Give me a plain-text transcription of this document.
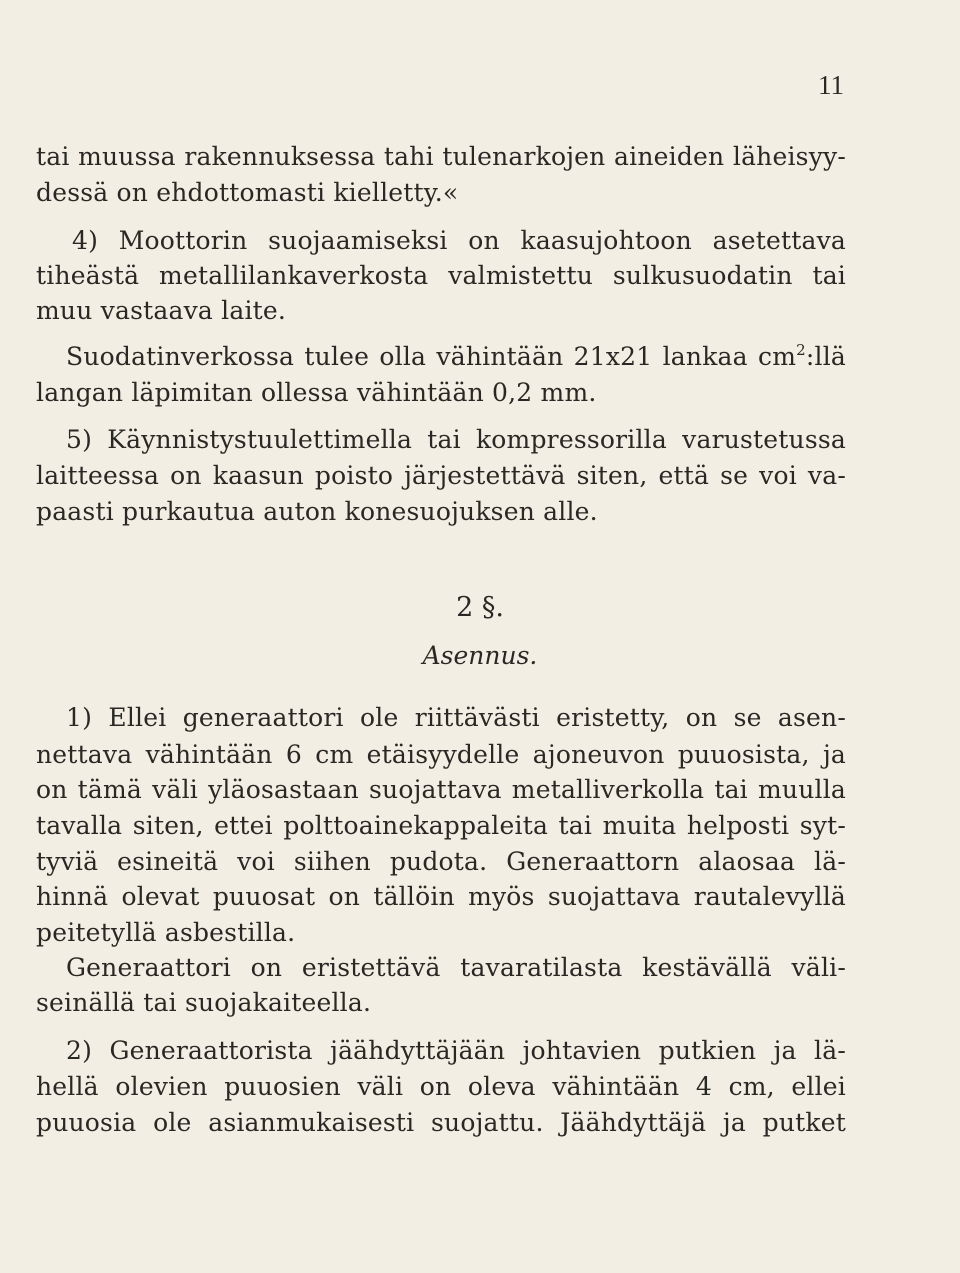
11
tai muussa rakennuksessa tahi tulenarkojen aineiden läheisyy-
dessä on ehdottomasti kielletty.«
4) Moottorin suojaamiseksi on kaasujohtoon asetettava
tiheästä metallilankaverkosta valmistettu sulkusuodatin tai
muu vastaava laite.
Suodatinverkossa tulee olla vähintään 21x21 lankaa $cm^2:llä$
langan läpimitan ollessa vähintään 0,2 mm.
5) Käynnistystuulettimella tai kompressorilla varustetussa
laitteessa on kaasun poisto järjestettävä siten, että se voi va-
paasti purkautua auton konesuojuksen alle.
2 §.
Asennus.
1) Ellei generaattori ole riittävästi eristetty, on se asen-
nettava vähintään 6 cm etäisyydelle ajoneuvon puuosista, ja
on tämä väli yläosastaan suojattava metalliverkolla tai muulla
tavalla siten, ettei polttoainekappaleita tai muita helposti syt-
tyviä esineitä voi siihen pudota. Generaattorn alaosaa lä-
hinnä olevat puuosat on tällöin myös suojattava rautalevyllä
peitetyllä asbestilla.
Generaattori on eristettävä tavaratilasta kestävällä väli-
seinällä tai suojakaiteella.
2) Generaattorista jäähdyttäjään johtavien putkien ja lä-
hellä olevien puuosien väli on oleva vähintään 4 cm, ellei
puuosia ole asianmukaisesti suojattu. Jäähdyttäjä ja putket
